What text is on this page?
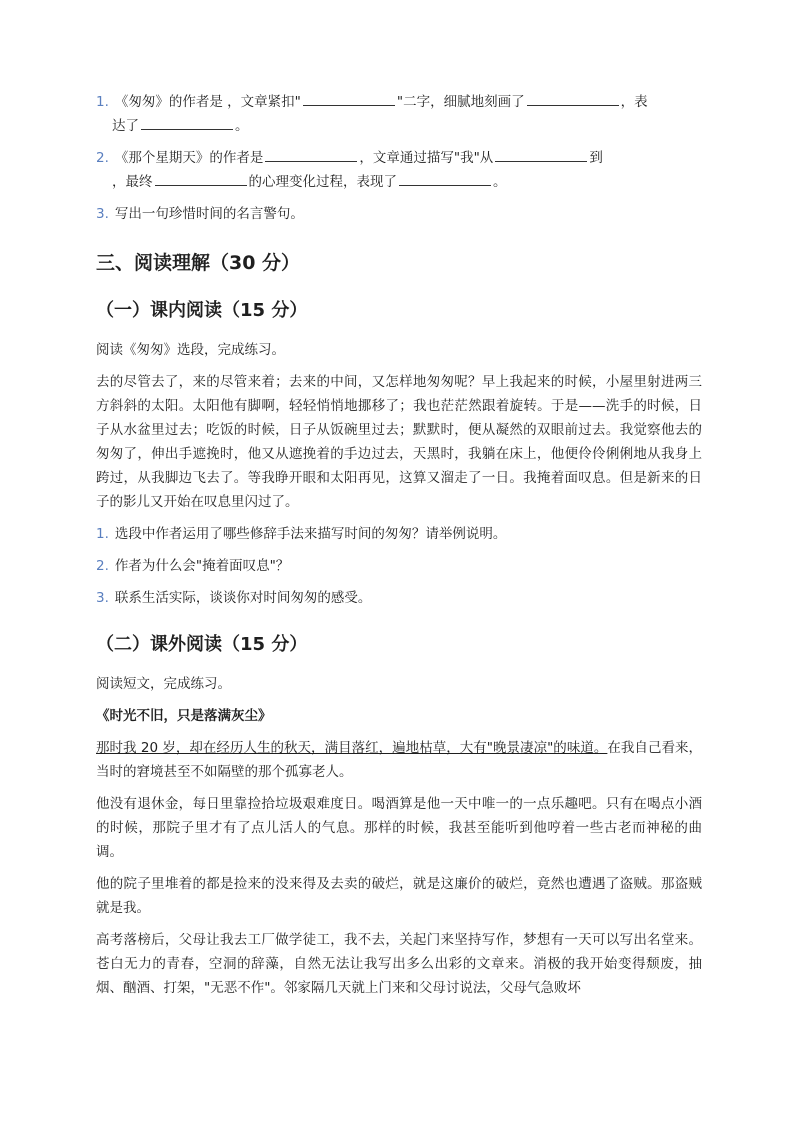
1. 《匆匆》的作者是 ，文章紧扣"	"二字，细腻地刻画了	，表
达了	。
2. 《那个星期天》的作者是	，文章通过描写"我"从	到
，最终	的心理变化过程，表现了	。
3. 写出一句珍惜时间的名言警句。
三、阅读理解（30 分）
（一）课内阅读（15 分）
阅读《匆匆》选段，完成练习。
去的尽管去了，来的尽管来着；去来的中间，又怎样地匆匆呢？早上我起来的时候，小屋里射进两三方斜斜的太阳。太阳他有脚啊，轻轻悄悄地挪移了；我也茫茫然跟着旋转。于是——洗手的时候，日子从水盆里过去；吃饭的时候，日子从饭碗里过去；默默时，便从凝然的双眼前过去。我觉察他去的匆匆了，伸出手遮挽时，他又从遮挽着的手边过去，天黑时，我躺在床上，他便伶伶俐俐地从我身上跨过，从我脚边飞去了。等我睁开眼和太阳再见，这算又溜走了一日。我掩着面叹息。但是新来的日子的影儿又开始在叹息里闪过了。
1. 选段中作者运用了哪些修辞手法来描写时间的匆匆？请举例说明。
2. 作者为什么会"掩着面叹息"？
3. 联系生活实际，谈谈你对时间匆匆的感受。
（二）课外阅读（15 分）
阅读短文，完成练习。
《时光不旧，只是落满灰尘》
那时我 20 岁，却在经历人生的秋天，满目落红，遍地枯草，大有"晚景凄凉"的味道。在我自己看来，当时的窘境甚至不如隔壁的那个孤寡老人。
他没有退休金，每日里靠捡拾垃圾艰难度日。喝酒算是他一天中唯一的一点乐趣吧。只有在喝点小酒的时候，那院子里才有了点儿活人的气息。那样的时候，我甚至能听到他哼着一些古老而神秘的曲调。
他的院子里堆着的都是捡来的没来得及去卖的破烂，就是这廉价的破烂，竟然也遭遇了盗贼。那盗贼就是我。
高考落榜后，父母让我去工厂做学徒工，我不去，关起门来坚持写作，梦想有一天可以写出名堂来。苍白无力的青春，空洞的辞藻，自然无法让我写出多么出彩的文章来。消极的我开始变得颓废，抽烟、酗酒、打架，"无恶不作"。邻家隔几天就上门来和父母讨说法，父母气急败坏
